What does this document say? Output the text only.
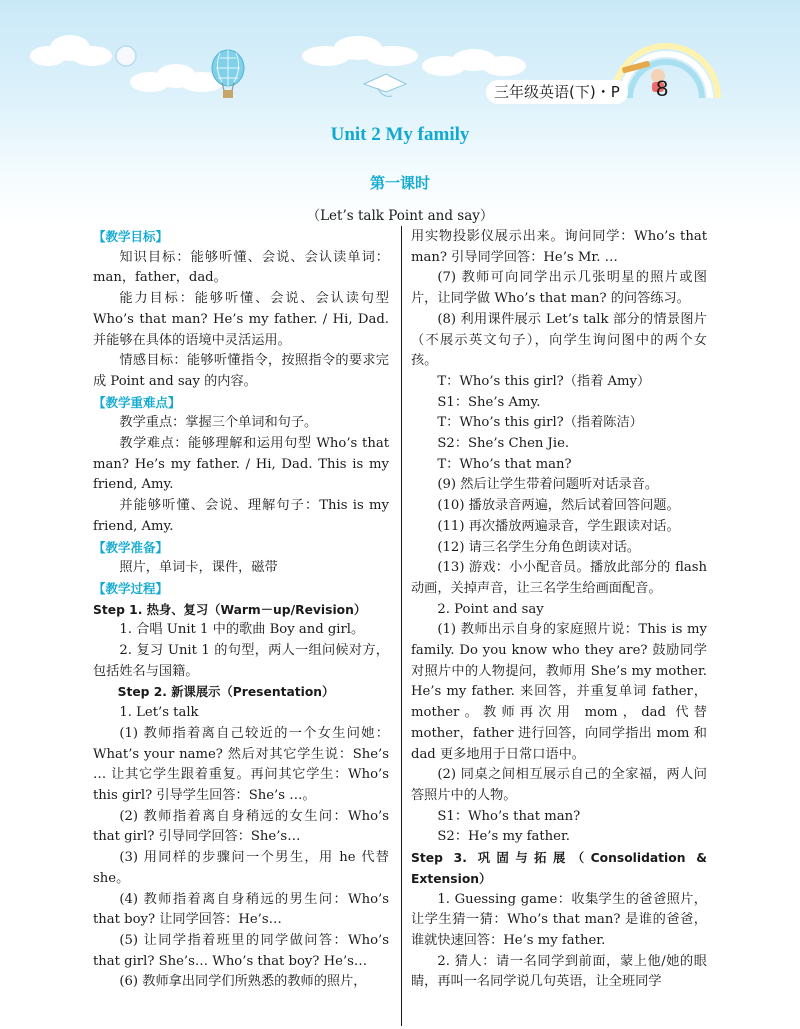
三年级英语(下)・P 8
Unit 2 My family
第一课时
（Let’s talk Point and say）

【教学目标】

知识目标：能够听懂、会说、会认读单词：man，father，dad。

能力目标：能够听懂、会说、会认读句型 Who’s that man? He’s my father. / Hi, Dad. 并能够在具体的语境中灵活运用。

情感目标：能够听懂指令，按照指令的要求完成 Point and say 的内容。

【教学重难点】

教学重点：掌握三个单词和句子。

教学难点：能够理解和运用句型 Who’s that man? He’s my father. / Hi, Dad. This is my friend, Amy.

并能够听懂、会说、理解句子：This is my friend, Amy.

【教学准备】

照片，单词卡，课件，磁带

【教学过程】

Step 1. 热身、复习（Warm－up/Revision）

1. 合唱 Unit 1 中的歌曲 Boy and girl。

2. 复习 Unit 1 的句型，两人一组问候对方，包括姓名与国籍。

Step 2. 新课展示（Presentation）

1. Let’s talk

(1) 教师指着离自己较近的一个女生问她：What’s your name? 然后对其它学生说：She’s … 让其它学生跟着重复。再问其它学生：Who’s this girl? 引导学生回答：She’s …。

(2) 教师指着离自身稍远的女生问：Who’s that girl? 引导同学回答：She’s…

(3) 用同样的步骤问一个男生，用 he 代替 she。

(4) 教师指着离自身稍远的男生问：Who’s that boy? 让同学回答：He’s…

(5) 让同学指着班里的同学做问答：Who’s that girl? She’s… Who’s that boy? He’s…

(6) 教师拿出同学们所熟悉的教师的照片，

用实物投影仪展示出来。询问同学：Who’s that man? 引导同学回答：He’s Mr. …

(7) 教师可向同学出示几张明星的照片或图片，让同学做 Who’s that man? 的问答练习。

(8) 利用课件展示 Let’s talk 部分的情景图片（不展示英文句子），向学生询问图中的两个女孩。

T：Who’s this girl?（指着 Amy）

S1：She’s Amy.

T：Who’s this girl?（指着陈洁）

S2：She’s Chen Jie.

T：Who’s that man?

(9) 然后让学生带着问题听对话录音。

(10) 播放录音两遍，然后试着回答问题。

(11) 再次播放两遍录音，学生跟读对话。

(12) 请三名学生分角色朗读对话。

(13) 游戏：小小配音员。播放此部分的 flash 动画，关掉声音，让三名学生给画面配音。

2. Point and say

(1) 教师出示自身的家庭照片说：This is my family. Do you know who they are? 鼓励同学对照片中的人物提问，教师用 She’s my mother. He’s my father. 来回答，并重复单词 father，mother。教师再次用 mom，dad 代替 mother，father 进行回答，向同学指出 mom 和 dad 更多地用于日常口语中。

(2) 同桌之间相互展示自己的全家福，两人问答照片中的人物。

S1：Who’s that man?

S2：He’s my father.

Step 3. 巩固与拓展（Consolidation & Extension）

1. Guessing game：收集学生的爸爸照片，让学生猜一猜：Who’s that man? 是谁的爸爸，谁就快速回答：He’s my father.

2. 猜人：请一名同学到前面，蒙上他/她的眼睛，再叫一名同学说几句英语，让全班同学
